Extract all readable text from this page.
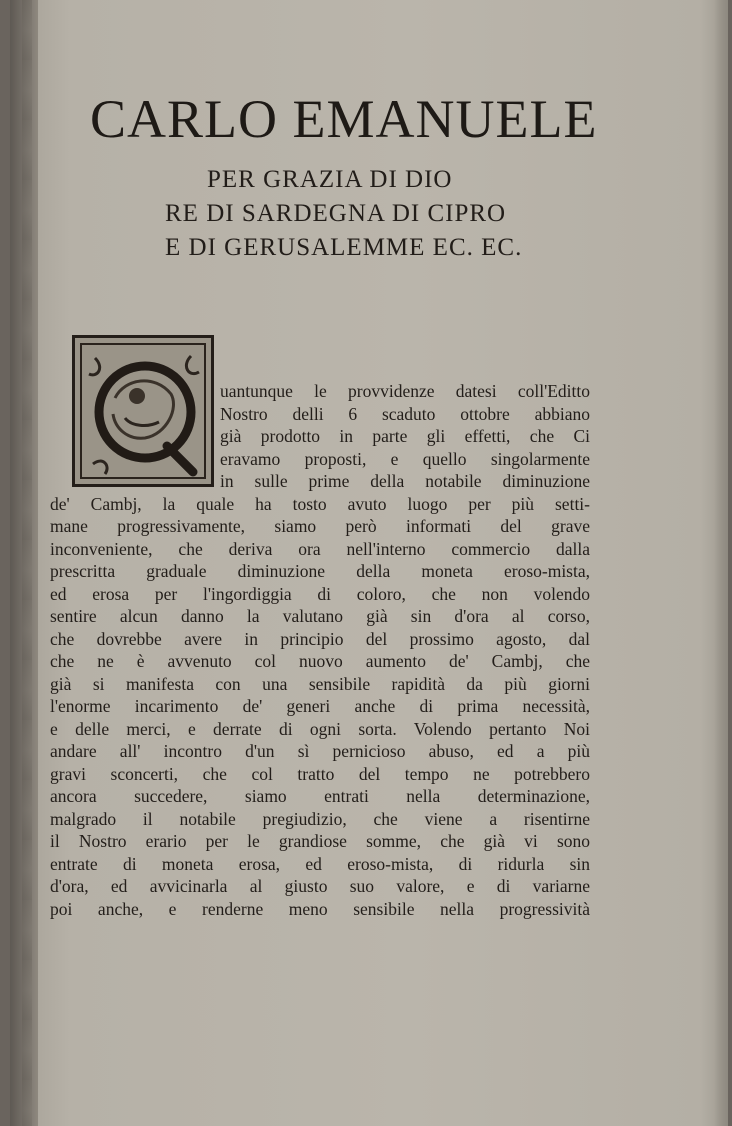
CARLO EMANUELE

PER GRAZIA DI DIO

RE DI SARDEGNA DI CIPRO

E DI GERUSALEMME EC. EC.

uantunque le provvidenze datesi coll'Editto
Nostro delli 6 scaduto ottobre abbiano
già prodotto in parte gli effetti, che Ci
eravamo proposti, e quello singolarmente
in sulle prime della notabile diminuzione
de' Cambj, la quale ha tosto avuto luogo per più setti-
mane progressivamente, siamo però informati del grave
inconveniente, che deriva ora nell'interno commercio dalla
prescritta graduale diminuzione della moneta eroso-mista,
ed erosa per l'ingordiggia di coloro, che non volendo
sentire alcun danno la valutano già sin d'ora al corso,
che dovrebbe avere in principio del prossimo agosto, dal
che ne è avvenuto col nuovo aumento de' Cambj, che
già si manifesta con una sensibile rapidità da più giorni
l'enorme incarimento de' generi anche di prima necessità,
e delle merci, e derrate di ogni sorta. Volendo pertanto Noi
andare all' incontro d'un sì pernicioso abuso, ed a più
gravi sconcerti, che col tratto del tempo ne potrebbero
ancora succedere, siamo entrati nella determinazione,
malgrado il notabile pregiudizio, che viene a risentirne
il Nostro erario per le grandiose somme, che già vi sono
entrate di moneta erosa, ed eroso-mista, di ridurla sin
d'ora, ed avvicinarla al giusto suo valore, e di variarne
poi anche, e renderne meno sensibile nella progressività
